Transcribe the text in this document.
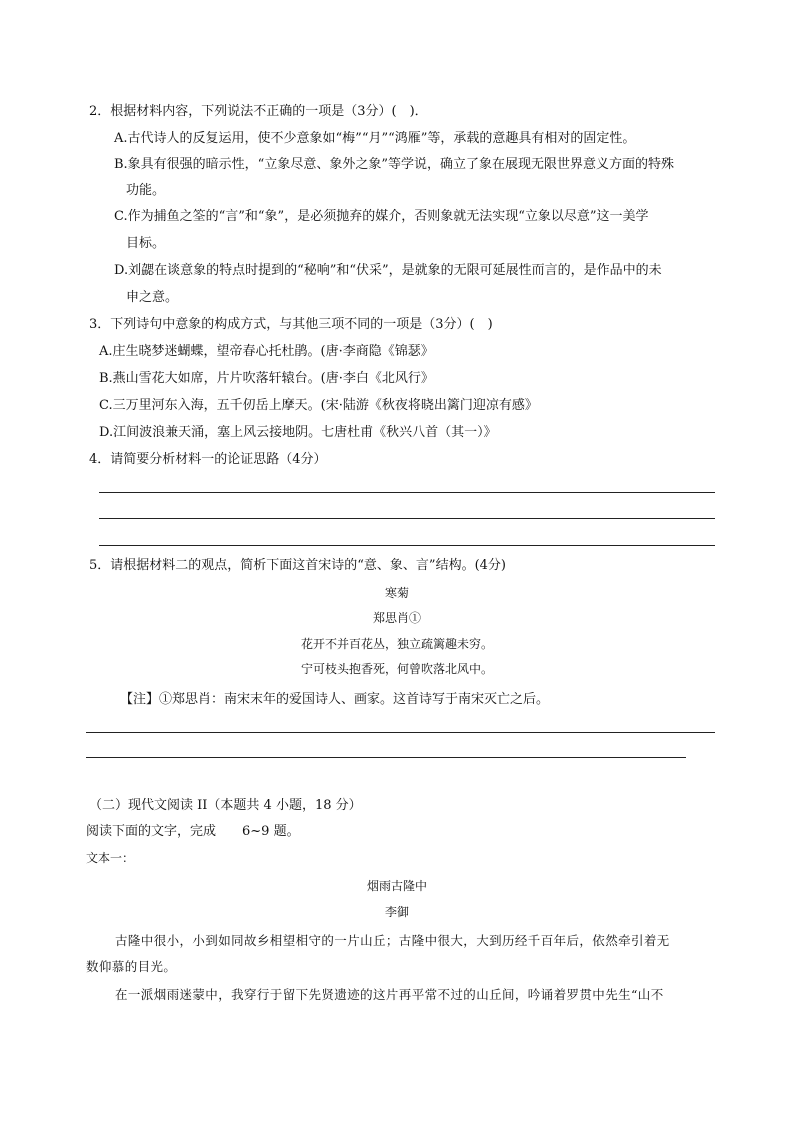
2．根据材料内容，下列说法不正确的一项是（3分）(　)．
A.古代诗人的反复运用，使不少意象如“梅”“月”“鸿雁”等，承载的意趣具有相对的固定性。
B.象具有很强的暗示性，“立象尽意、象外之象”等学说，确立了象在展现无限世界意义方面的特殊
功能。
C.作为捕鱼之筌的“言”和“象”，是必须抛弃的媒介，否则象就无法实现“立象以尽意”这一美学
目标。
D.刘勰在谈意象的特点时提到的“秘响”和“伏采”，是就象的无限可延展性而言的，是作品中的未
申之意。
3．下列诗句中意象的构成方式，与其他三项不同的一项是（3分）(　)
A.庄生晓梦迷蝴蝶，望帝春心托杜鹃。(唐·李商隐《锦瑟》
B.燕山雪花大如席，片片吹落轩辕台。(唐·李白《北风行》
C.三万里河东入海，五千仞岳上摩天。(宋·陆游《秋夜将晓出篱门迎凉有感》
D.江间波浪兼天涌，塞上风云接地阴。七唐杜甫《秋兴八首（其一）》
4．请简要分析材料一的论证思路（4分）
5．请根据材料二的观点，简析下面这首宋诗的“意、象、言”结构。(4分)
寒菊
郑思肖①
花开不并百花丛，独立疏篱趣未穷。
宁可枝头抱香死，何曾吹落北风中。
【注】①郑思肖：南宋末年的爱国诗人、画家。这首诗写于南宋灭亡之后。
（二）现代文阅读 II（本题共 4 小题，18 分）
阅读下面的文字，完成　　6~9 题。
文本一：
烟雨古隆中
李御
古隆中很小，小到如同故乡相望相守的一片山丘；古隆中很大，大到历经千百年后，依然牵引着无
数仰慕的目光。
在一派烟雨迷蒙中，我穿行于留下先贤遗迹的这片再平常不过的山丘间，吟诵着罗贯中先生“山不
